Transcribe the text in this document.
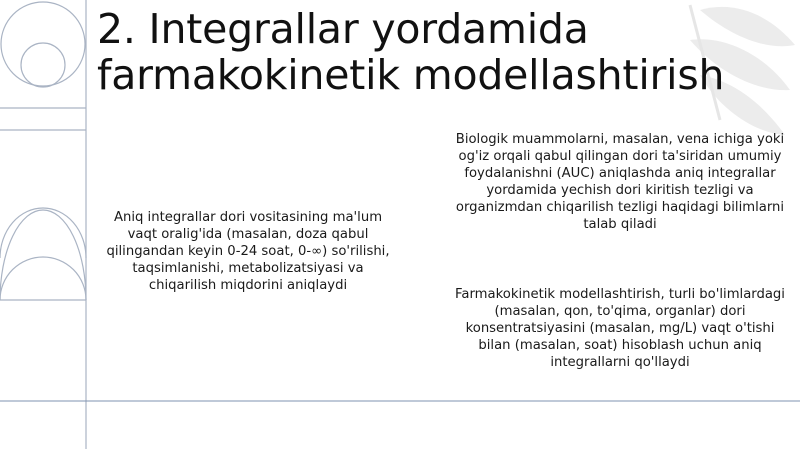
2. Integrallar yordamida farmakokinetik modellashtirish

Aniq integrallar dori vositasining ma'lum vaqt oralig'ida (masalan, doza qabul qilingandan keyin 0-24 soat, 0-∞) so'rilishi, taqsimlanishi, metabolizatsiyasi va chiqarilish miqdorini aniqlaydi

Biologik muammolarni, masalan, vena ichiga yoki og'iz orqali qabul qilingan dori ta'siridan umumiy foydalanishni (AUC) aniqlashda aniq integrallar yordamida yechish dori kiritish tezligi va organizmdan chiqarilish tezligi haqidagi bilimlarni talab qiladi

Farmakokinetik modellashtirish, turli bo'limlardagi (masalan, qon, to'qima, organlar) dori konsentratsiyasini (masalan, mg/L) vaqt o'tishi bilan (masalan, soat) hisoblash uchun aniq integrallarni qo'llaydi
